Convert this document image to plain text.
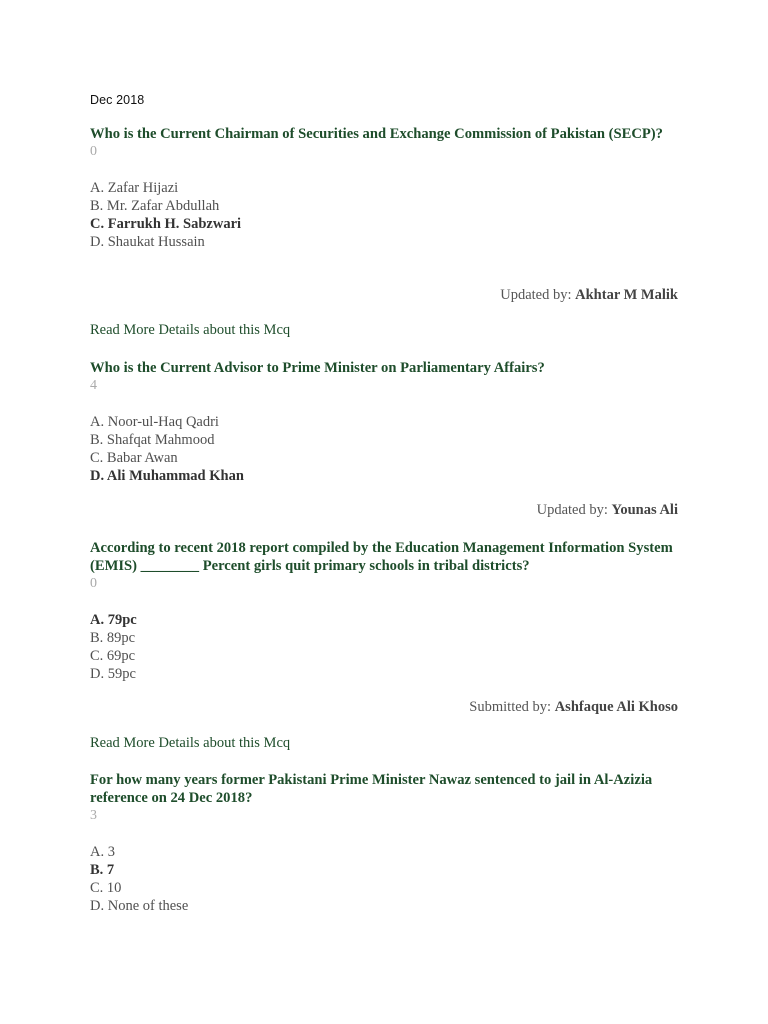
Dec 2018
Who is the Current Chairman of Securities and Exchange Commission of Pakistan (SECP)?
0
A. Zafar Hijazi
B. Mr. Zafar Abdullah
C. Farrukh H. Sabzwari
D. Shaukat Hussain
Updated by: Akhtar M Malik
Read More Details about this Mcq
Who is the Current Advisor to Prime Minister on Parliamentary Affairs?
4
A. Noor-ul-Haq Qadri
B. Shafqat Mahmood
C. Babar Awan
D. Ali Muhammad Khan
Updated by: Younas Ali
According to recent 2018 report compiled by the Education Management Information System (EMIS) ________ Percent girls quit primary schools in tribal districts?
0
A. 79pc
B. 89pc
C. 69pc
D. 59pc
Submitted by: Ashfaque Ali Khoso
Read More Details about this Mcq
For how many years former Pakistani Prime Minister Nawaz sentenced to jail in Al-Azizia reference on 24 Dec 2018?
3
A. 3
B. 7
C. 10
D. None of these
